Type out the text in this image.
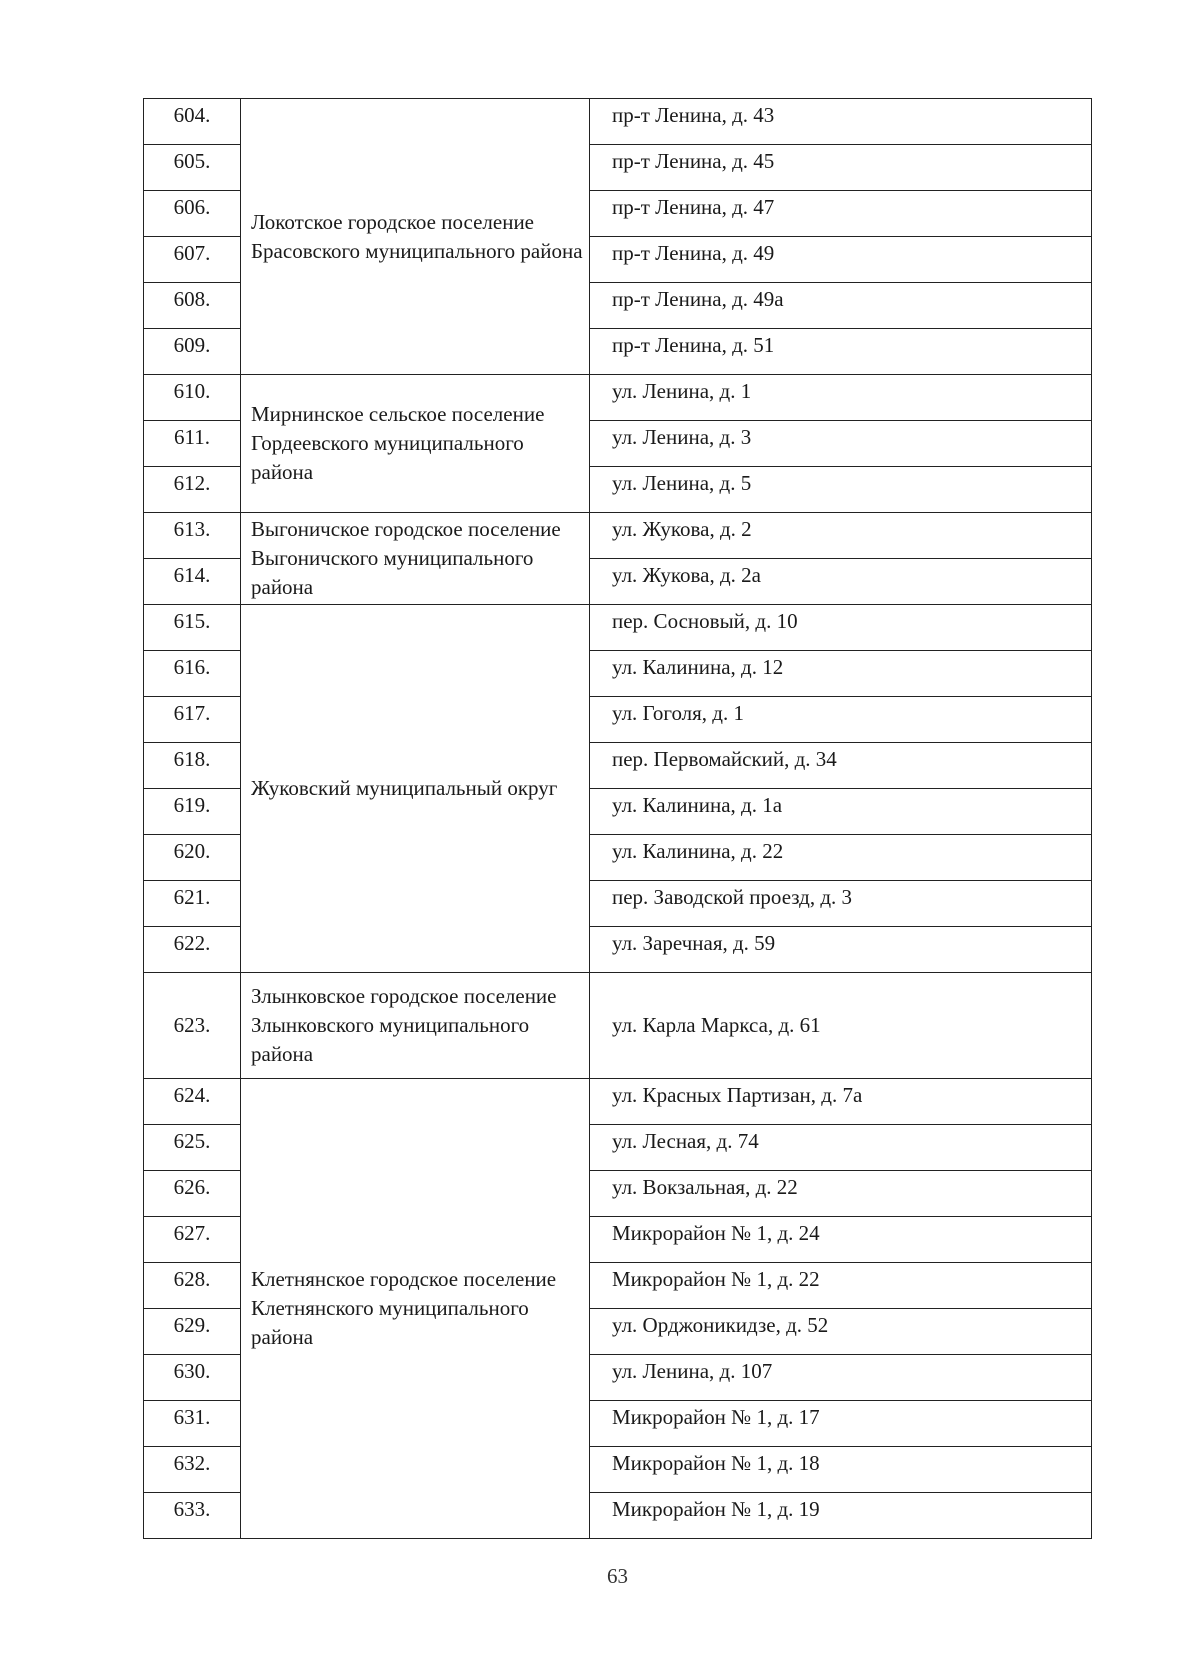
604.	Локотское городское поселение Брасовского муниципального района	пр-т Ленина, д. 43
605.		пр-т Ленина, д. 45
606.		пр-т Ленина, д. 47
607.		пр-т Ленина, д. 49
608.		пр-т Ленина, д. 49а
609.		пр-т Ленина, д. 51
610.	Мирнинское сельское поселение Гордеевского муниципального района	ул. Ленина, д. 1
611.		ул. Ленина, д. 3
612.		ул. Ленина, д. 5
613.	Выгоничское городское поселение Выгоничского муниципального района	ул. Жукова, д. 2
614.		ул. Жукова, д. 2а
615.	Жуковский муниципальный округ	пер. Сосновый, д. 10
616.		ул. Калинина, д. 12
617.		ул. Гоголя, д. 1
618.		пер. Первомайский, д. 34
619.		ул. Калинина, д. 1а
620.		ул. Калинина, д. 22
621.		пер. Заводской проезд, д. 3
622.		ул. Заречная, д. 59
623.	Злынковское городское поселение Злынковского муниципального района	ул. Карла Маркса, д. 61
624.	Клетнянское городское поселение Клетнянского муниципального района	ул. Красных Партизан, д. 7а
625.		ул. Лесная, д. 74
626.		ул. Вокзальная, д. 22
627.		Микрорайон № 1, д. 24
628.		Микрорайон № 1, д. 22
629.		ул. Орджоникидзе, д. 52
630.		ул. Ленина, д. 107
631.		Микрорайон № 1, д. 17
632.		Микрорайон № 1, д. 18
633.		Микрорайон № 1, д. 19
63
